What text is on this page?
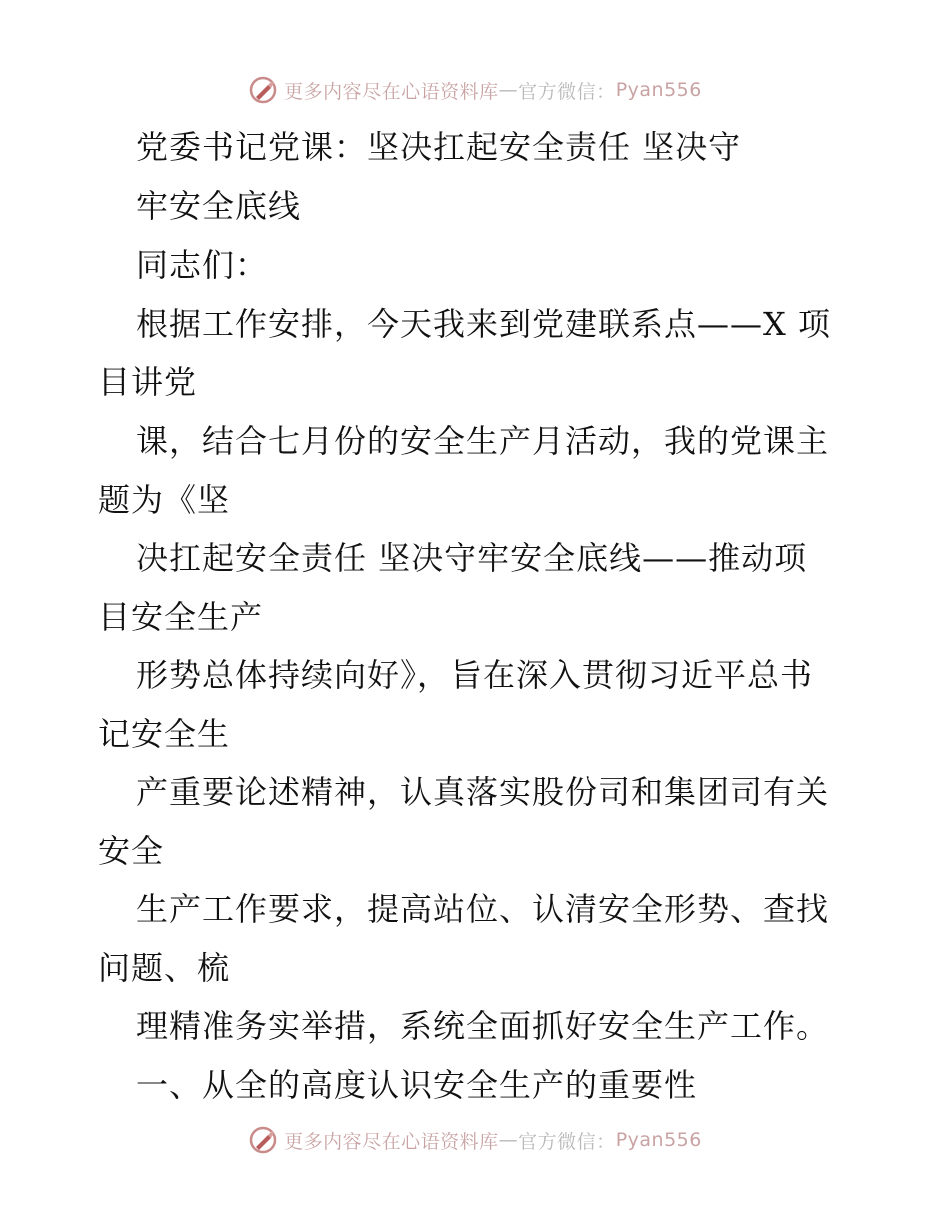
更多内容尽在心语资料库 — 官方微信： Pyan556
党委书记党课：坚决扛起安全责任 坚决守
牢安全底线
同志们：
根据工作安排，今天我来到党建联系点——X 项
目讲党
课，结合七月份的安全生产月活动，我的党课主
题为《坚
决扛起安全责任 坚决守牢安全底线——推动项
目安全生产
形势总体持续向好》，旨在深入贯彻习近平总书
记安全生
产重要论述精神，认真落实股份司和集团司有关
安全
生产工作要求，提高站位、认清安全形势、查找
问题、梳
理精准务实举措，系统全面抓好安全生产工作。
一、从全的高度认识安全生产的重要性
更多内容尽在心语资料库 — 官方微信： Pyan556
